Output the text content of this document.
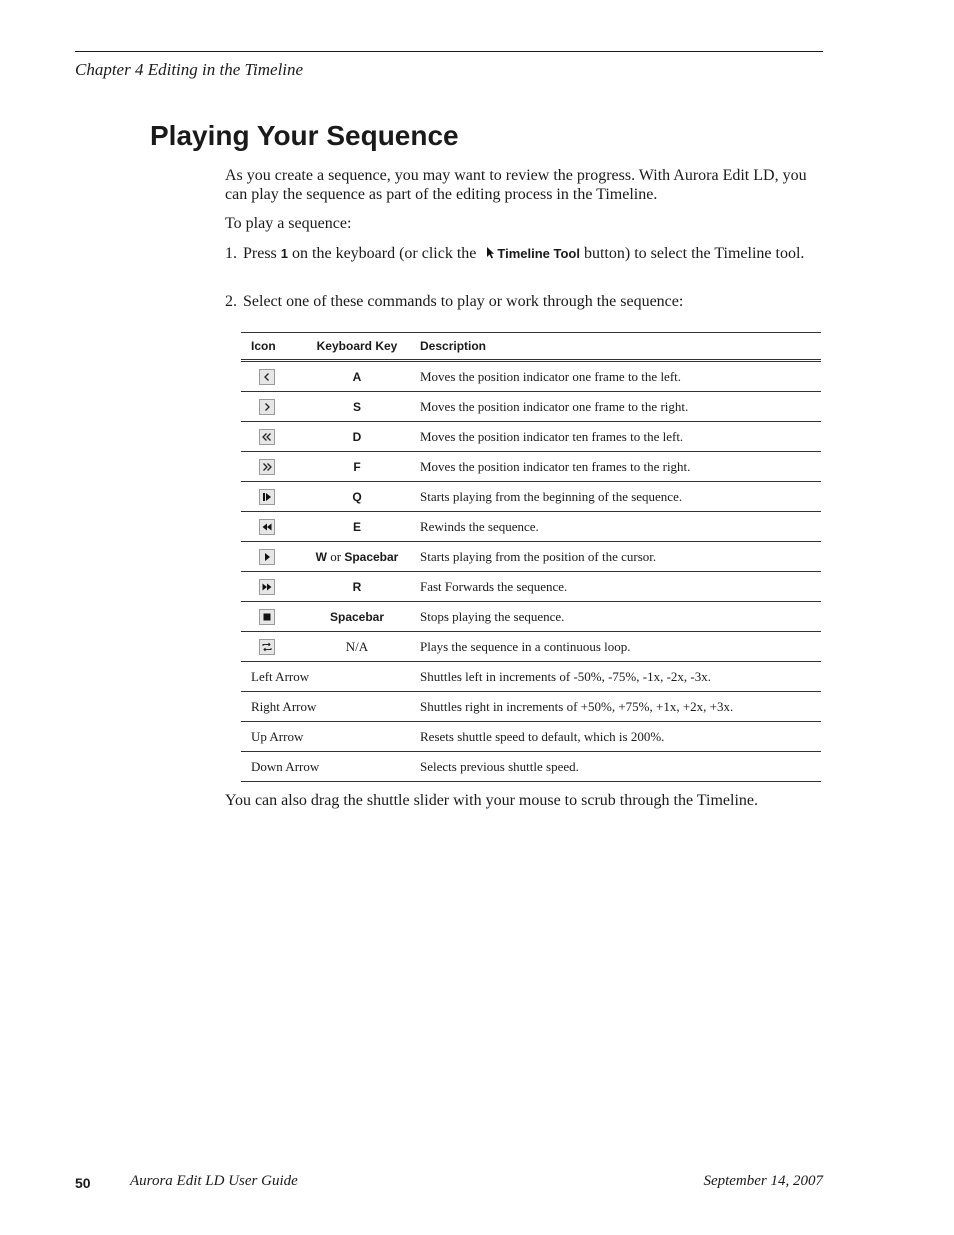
Chapter 4 Editing in the Timeline
Playing Your Sequence

As you create a sequence, you may want to review the progress. With Aurora Edit LD, you can play the sequence as part of the editing process in the Timeline.

To play a sequence:

1. Press 1 on the keyboard (or click the Timeline Tool button) to select the Timeline tool.
2. Select one of these commands to play or work through the sequence:
Icon	Keyboard Key	Description

	A	Moves the position indicator one frame to the left.

	S	Moves the position indicator one frame to the right.

	D	Moves the position indicator ten frames to the left.

	F	Moves the position indicator ten frames to the right.

	Q	Starts playing from the beginning of the sequence.

	E	Rewinds the sequence.

	W or Spacebar	Starts playing from the position of the cursor.

	R	Fast Forwards the sequence.

	Spacebar	Stops playing the sequence.

	N/A	Plays the sequence in a continuous loop.
Left Arrow		Shuttles left in increments of -50%, -75%, -1x, -2x, -3x.
Right Arrow		Shuttles right in increments of +50%, +75%, +1x, +2x, +3x.
Up Arrow		Resets shuttle speed to default, which is 200%.
Down Arrow		Selects previous shuttle speed.

You can also drag the shuttle slider with your mouse to scrub through the Timeline.

50	Aurora Edit LD User Guide	September 14, 2007
